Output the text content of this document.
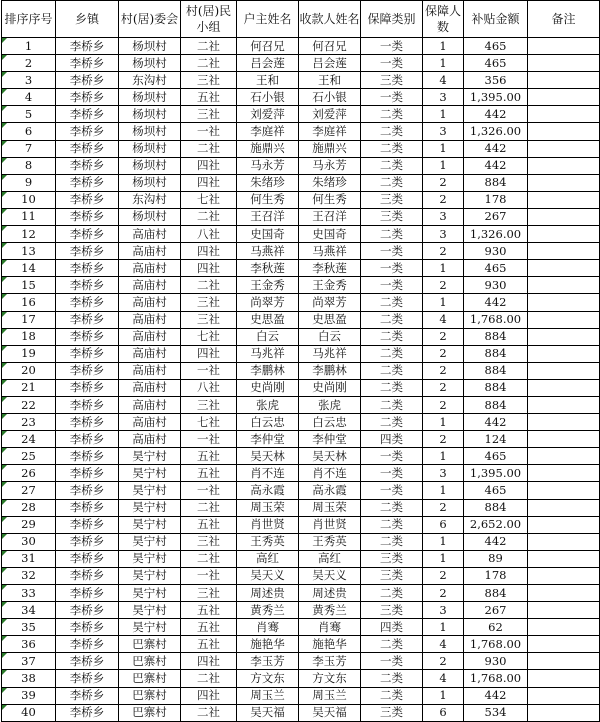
排序序号	乡镇	村(居)委会	村(居)民小组	户主姓名	收款人姓名	保障类别	保障人数	补贴金额	备注
1	李桥乡	杨坝村	二社	何召兄	何召兄	一类	1	465	
2	李桥乡	杨坝村	二社	吕会莲	吕会莲	一类	1	465	
3	李桥乡	东沟村	三社	王和	王和	三类	4	356	
4	李桥乡	杨坝村	五社	石小银	石小银	一类	3	1,395.00	
5	李桥乡	杨坝村	三社	刘爱萍	刘爱萍	二类	1	442	
6	李桥乡	杨坝村	一社	李庭祥	李庭祥	二类	3	1,326.00	
7	李桥乡	杨坝村	二社	施鼎兴	施鼎兴	二类	1	442	
8	李桥乡	杨坝村	四社	马永芳	马永芳	二类	1	442	
9	李桥乡	杨坝村	四社	朱绪珍	朱绪珍	二类	2	884	
10	李桥乡	东沟村	七社	何生秀	何生秀	三类	2	178	
11	李桥乡	杨坝村	二社	王召洋	王召洋	三类	3	267	
12	李桥乡	高庙村	八社	史国奇	史国奇	二类	3	1,326.00	
13	李桥乡	高庙村	四社	马燕祥	马燕祥	一类	2	930	
14	李桥乡	高庙村	四社	李秋莲	李秋莲	一类	1	465	
15	李桥乡	高庙村	二社	王金秀	王金秀	一类	2	930	
16	李桥乡	高庙村	三社	尚翠芳	尚翠芳	二类	1	442	
17	李桥乡	高庙村	三社	史思盈	史思盈	二类	4	1,768.00	
18	李桥乡	高庙村	七社	白云	白云	二类	2	884	
19	李桥乡	高庙村	四社	马兆祥	马兆祥	二类	2	884	
20	李桥乡	高庙村	一社	李鹏林	李鹏林	二类	2	884	
21	李桥乡	高庙村	八社	史尚刚	史尚刚	二类	2	884	
22	李桥乡	高庙村	三社	张虎	张虎	二类	2	884	
23	李桥乡	高庙村	七社	白云忠	白云忠	二类	1	442	
24	李桥乡	高庙村	一社	李仲堂	李仲堂	四类	2	124	
25	李桥乡	昊宁村	五社	吴天林	吴天林	一类	1	465	
26	李桥乡	昊宁村	五社	肖不连	肖不连	一类	3	1,395.00	
27	李桥乡	昊宁村	一社	高永霞	高永霞	一类	1	465	
28	李桥乡	昊宁村	二社	周玉荣	周玉荣	二类	2	884	
29	李桥乡	昊宁村	五社	肖世贤	肖世贤	二类	6	2,652.00	
30	李桥乡	昊宁村	三社	王秀英	王秀英	二类	1	442	
31	李桥乡	昊宁村	二社	高红	高红	三类	1	89	
32	李桥乡	昊宁村	一社	吴天义	吴天义	三类	2	178	
33	李桥乡	昊宁村	三社	周述贵	周述贵	二类	2	884	
34	李桥乡	昊宁村	五社	黄秀兰	黄秀兰	三类	3	267	
35	李桥乡	昊宁村	五社	肖骞	肖骞	四类	1	62	
36	李桥乡	巴寨村	五社	施艳华	施艳华	二类	4	1,768.00	
37	李桥乡	巴寨村	四社	李玉芳	李玉芳	一类	2	930	
38	李桥乡	巴寨村	二社	方文东	方文东	二类	4	1,768.00	
39	李桥乡	巴寨村	四社	周玉兰	周玉兰	二类	1	442	
40	李桥乡	巴寨村	二社	吴天福	吴天福	三类	6	534	
